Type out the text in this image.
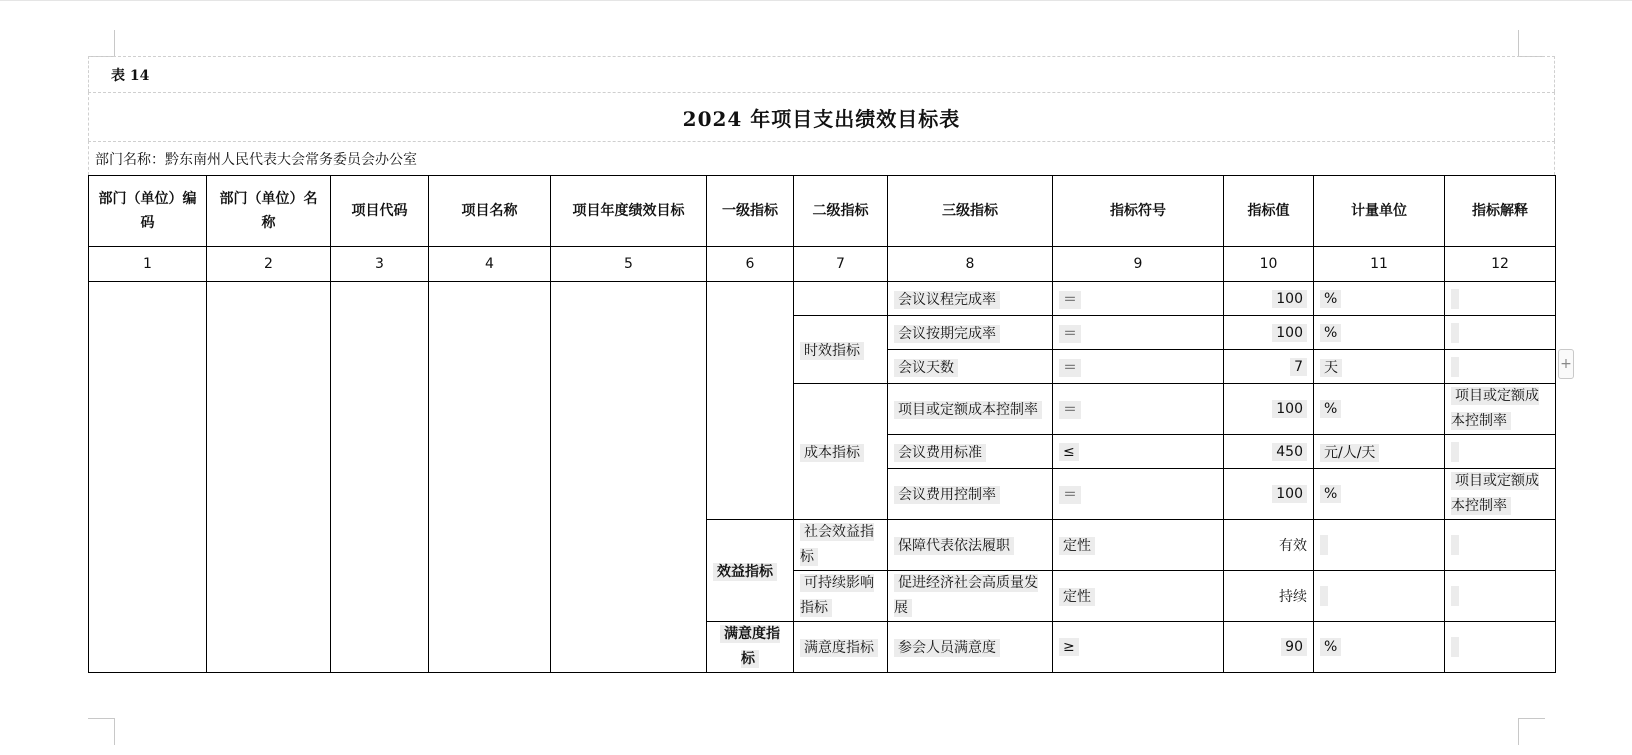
表 14
2024 年项目支出绩效目标表
部门名称：黔东南州人民代表大会常务委员会办公室
部门（单位）编码	部门（单位）名称	项目代码	项目名称	项目年度绩效目标	一级指标	二级指标	三级指标	指标符号	指标值	计量单位	指标解释
1	2	3	4	5	6	7	8	9	10	11	12
							会议议程完成率	＝	100	%	
						时效指标	会议按期完成率	＝	100	%	
							会议天数	＝	7	天	
						成本指标	项目或定额成本控制率	＝	100	%	项目或定额成本控制率
							会议费用标准	≤	450	元/人/天	
							会议费用控制率	＝	100	%	项目或定额成本控制率
					效益指标	社会效益指标	保障代表依法履职	定性	有效		
						可持续影响指标	促进经济社会高质量发展	定性	持续		
					满意度指标	满意度指标	参会人员满意度	≥	90	%	
+
